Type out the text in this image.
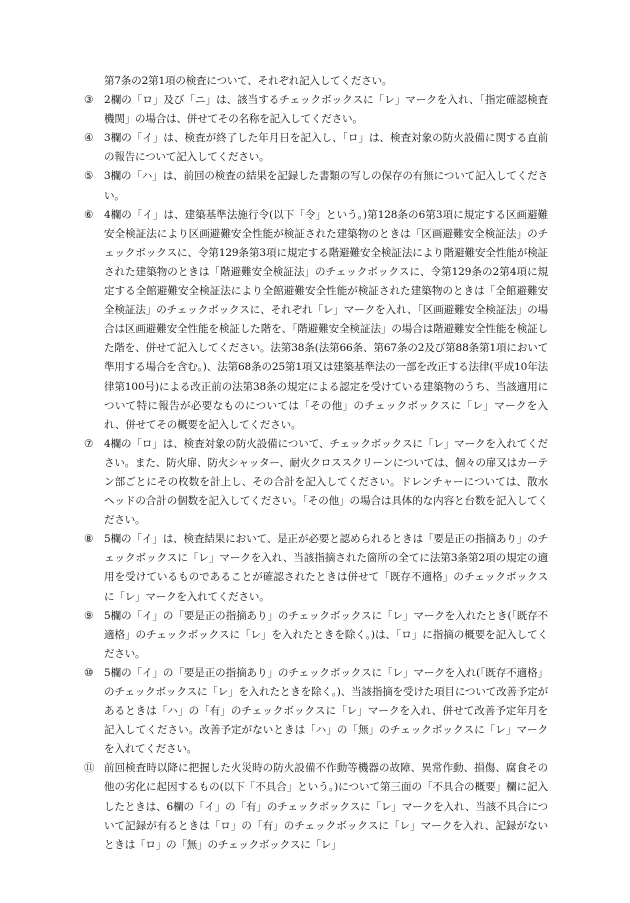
第7条の2第1項の検査について、それぞれ記入してください。

③	2欄の「ロ」及び「ニ」は、該当するチェックボックスに「レ」マークを入れ、「指定確認検査機関」の場合は、併せてその名称を記入してください。
④	3欄の「イ」は、検査が終了した年月日を記入し、「ロ」は、検査対象の防火設備に関する直前の報告について記入してください。
⑤	3欄の「ハ」は、前回の検査の結果を記録した書類の写しの保存の有無について記入してください。
⑥	4欄の「イ」は、建築基準法施行令(以下「令」という。)第128条の6第3項に規定する区画避難安全検証法により区画避難安全性能が検証された建築物のときは「区画避難安全検証法」のチェックボックスに、令第129条第3項に規定する階避難安全検証法により階避難安全性能が検証された建築物のときは「階避難安全検証法」のチェックボックスに、令第129条の2第4項に規定する全館避難安全検証法により全館避難安全性能が検証された建築物のときは「全館避難安全検証法」のチェックボックスに、それぞれ「レ」マークを入れ、「区画避難安全検証法」の場合は区画避難安全性能を検証した階を、「階避難安全検証法」の場合は階避難安全性能を検証した階を、併せて記入してください。法第38条(法第66条、第67条の2及び第88条第1項において準用する場合を含む。)、法第68条の25第1項又は建築基準法の一部を改正する法律(平成10年法律第100号)による改正前の法第38条の規定による認定を受けている建築物のうち、当該適用について特に報告が必要なものについては「その他」のチェックボックスに「レ」マークを入れ、併せてその概要を記入してください。
⑦	4欄の「ロ」は、検査対象の防火設備について、チェックボックスに「レ」マークを入れてください。また、防火扉、防火シャッター、耐火クロススクリーンについては、個々の扉又はカーテン部ごとにその枚数を計上し、その合計を記入してください。ドレンチャーについては、散水ヘッドの合計の個数を記入してください。「その他」の場合は具体的な内容と台数を記入してください。
⑧	5欄の「イ」は、検査結果において、是正が必要と認められるときは「要是正の指摘あり」のチェックボックスに「レ」マークを入れ、当該指摘された箇所の全てに法第3条第2項の規定の適用を受けているものであることが確認されたときは併せて「既存不適格」のチェックボックスに「レ」マークを入れてください。
⑨	5欄の「イ」の「要是正の指摘あり」のチェックボックスに「レ」マークを入れたとき(「既存不適格」のチェックボックスに「レ」を入れたときを除く。)は、「ロ」に指摘の概要を記入してください。
⑩	5欄の「イ」の「要是正の指摘あり」のチェックボックスに「レ」マークを入れ(「既存不適格」のチェックボックスに「レ」を入れたときを除く。)、当該指摘を受けた項目について改善予定があるときは「ハ」の「有」のチェックボックスに「レ」マークを入れ、併せて改善予定年月を記入してください。改善予定がないときは「ハ」の「無」のチェックボックスに「レ」マークを入れてください。
⑪ 前回検査時以降に把握した火災時の防火設備不作動等機器の故障、異常作動、損傷、腐食その他の劣化に起因するもの(以下「不具合」という。)について第三面の「不具合の概要」欄に記入したときは、6欄の「イ」の「有」のチェックボックスに「レ」マークを入れ、当該不具合について記録が有るときは「ロ」の「有」のチェックボックスに「レ」マークを入れ、記録がないときは「ロ」の「無」のチェックボックスに「レ」
